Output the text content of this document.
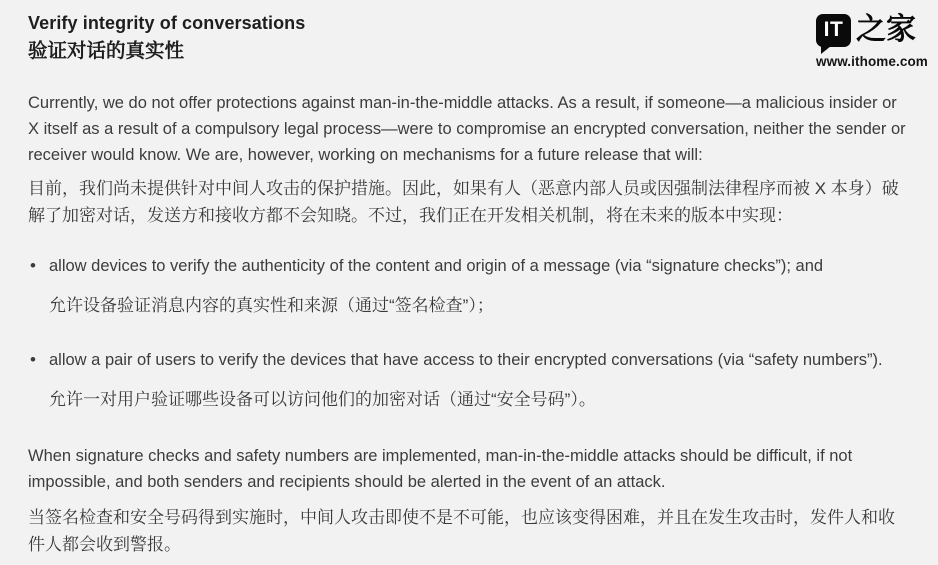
Verify integrity of conversations
验证对话的真实性
IT 之家
www.ithome.com

Currently, we do not offer protections against man-in-the-middle attacks. As a result, if someone—a malicious insider or X itself as a result of a compulsory legal process—were to compromise an encrypted conversation, neither the sender or receiver would know. We are, however, working on mechanisms for a future release that will:

目前，我们尚未提供针对中间人攻击的保护措施。因此，如果有人（恶意内部人员或因强制法律程序而被 X 本身）破解了加密对话，发送方和接收方都不会知晓。不过，我们正在开发相关机制，将在未来的版本中实现：

• allow devices to verify the authenticity of the content and origin of a message (via “signature checks”); and

允许设备验证消息内容的真实性和来源（通过“签名检查”）；

• allow a pair of users to verify the devices that have access to their encrypted conversations (via “safety numbers”).

允许一对用户验证哪些设备可以访问他们的加密对话（通过“安全号码”）。

When signature checks and safety numbers are implemented, man-in-the-middle attacks should be difficult, if not impossible, and both senders and recipients should be alerted in the event of an attack.

当签名检查和安全号码得到实施时，中间人攻击即使不是不可能，也应该变得困难，并且在发生攻击时，发件人和收件人都会收到警报。
